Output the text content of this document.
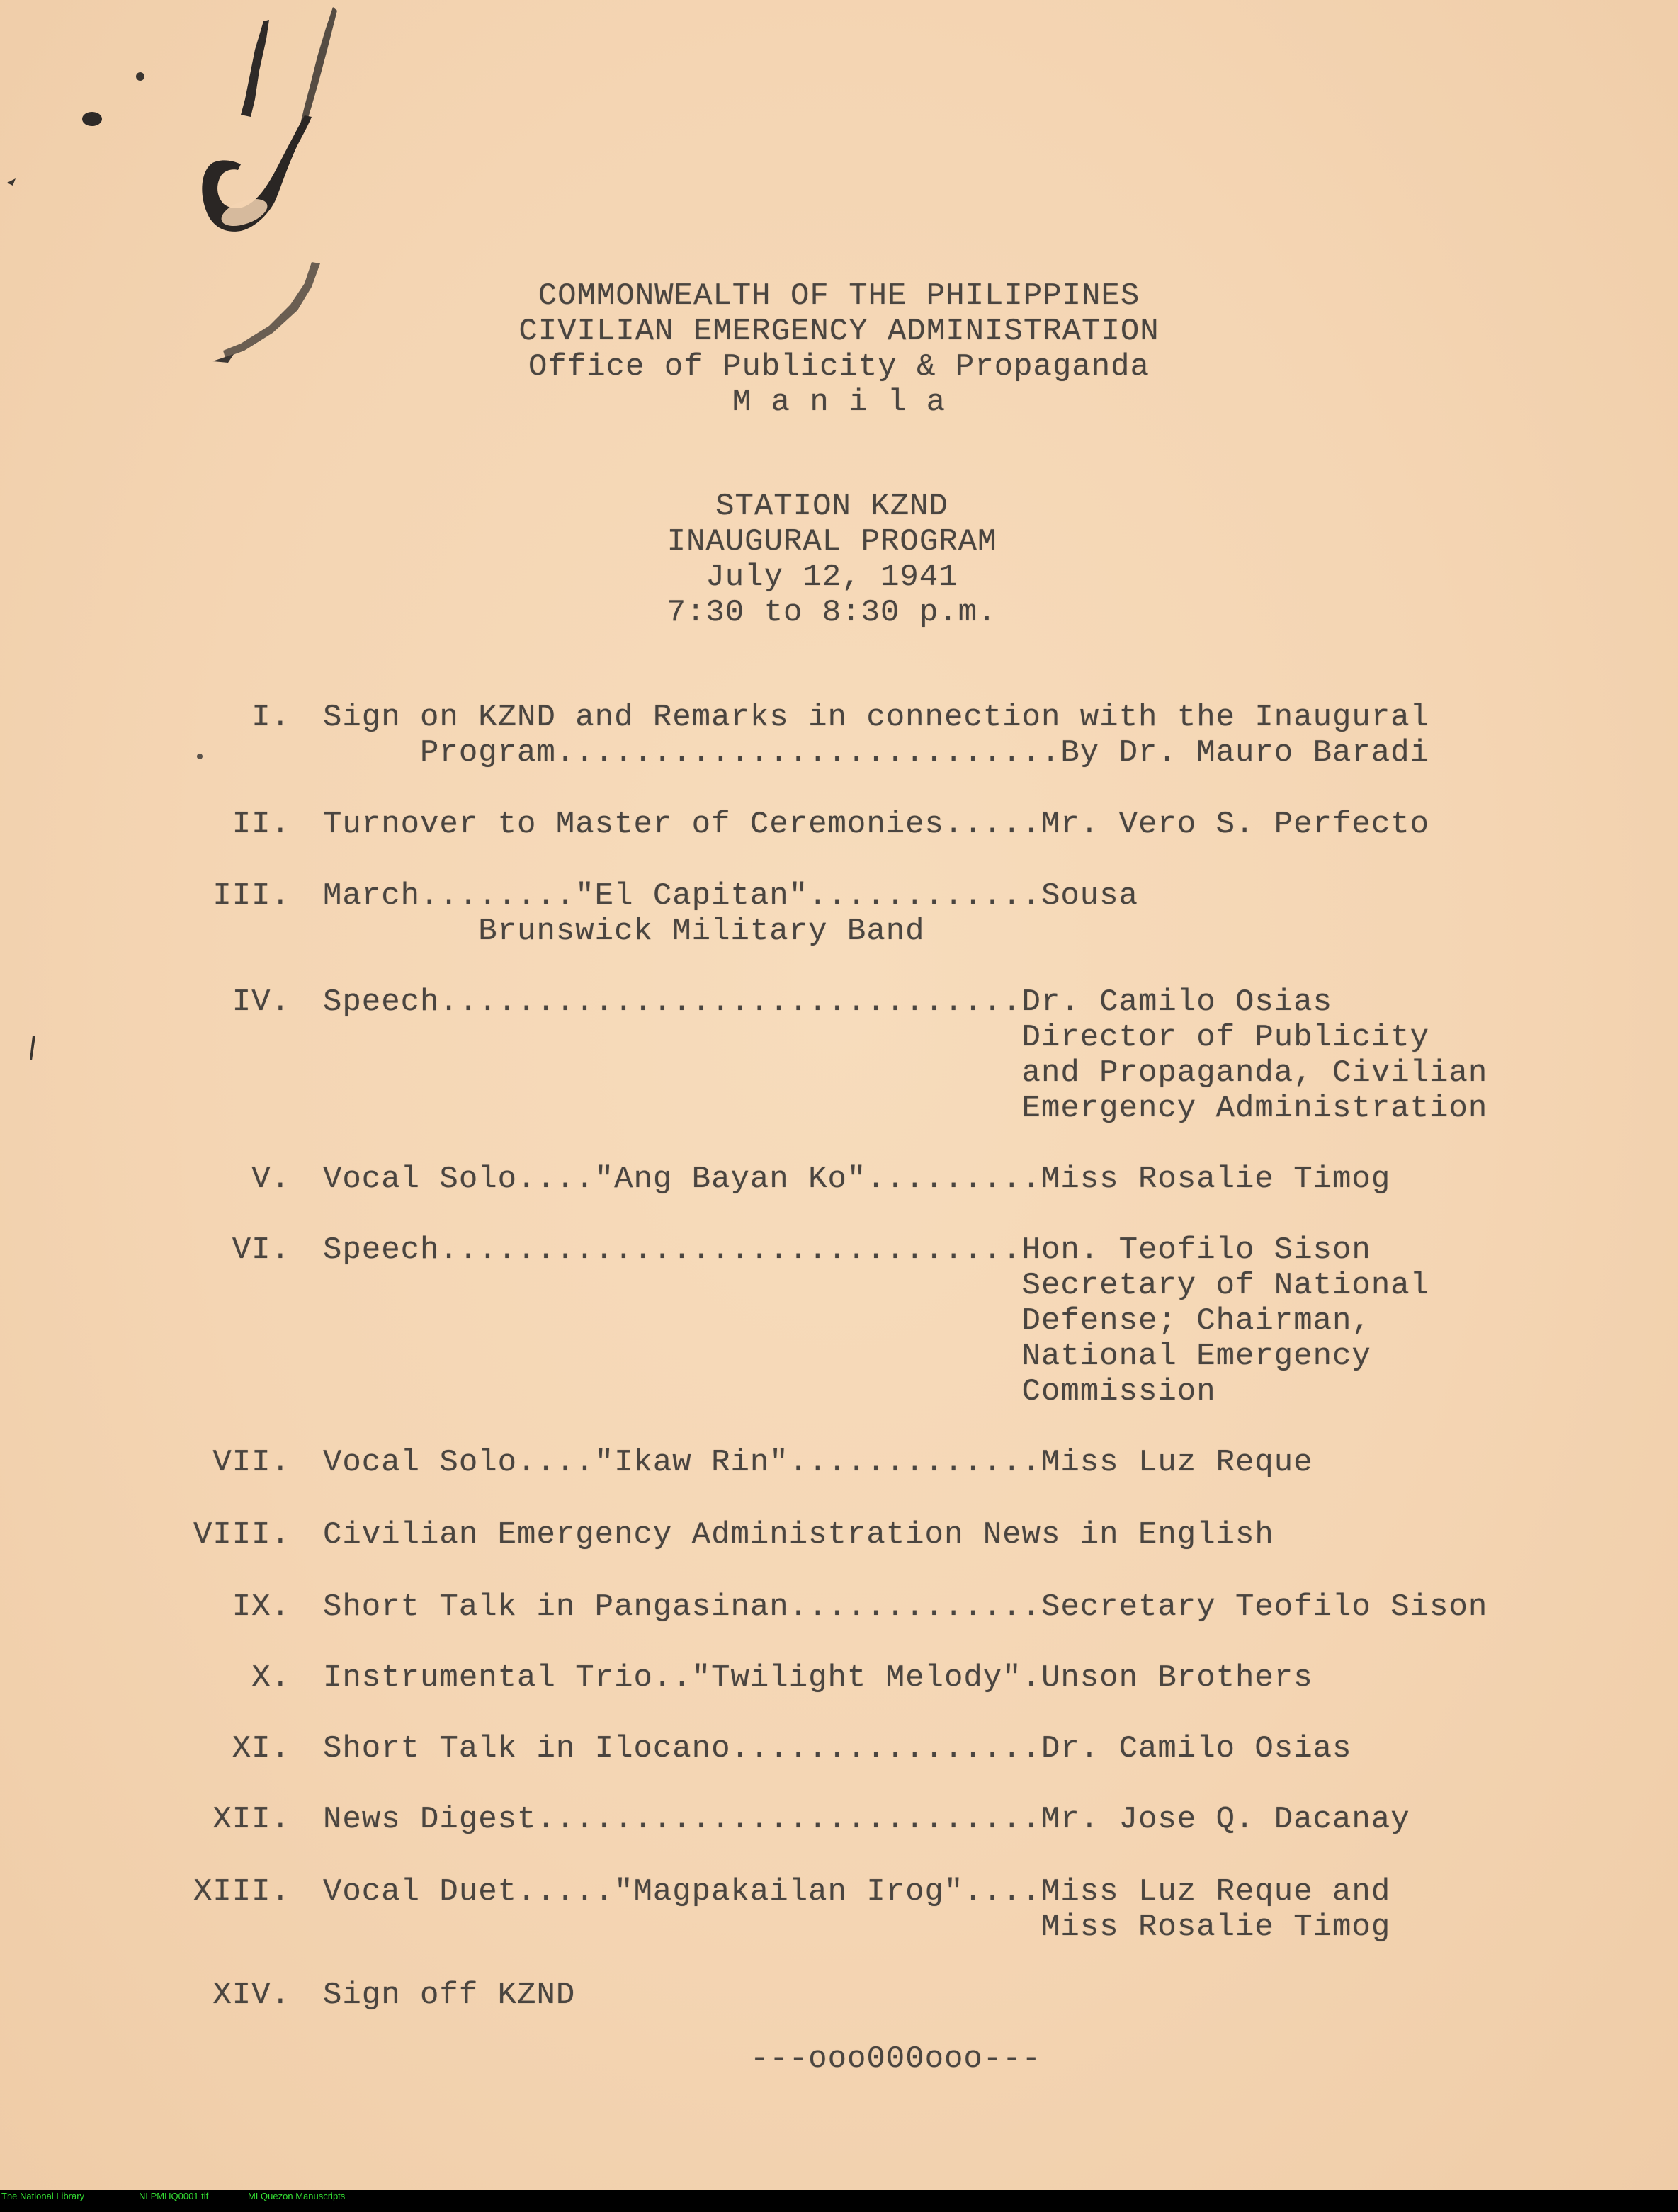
COMMONWEALTH OF THE PHILIPPINES
CIVILIAN EMERGENCY ADMINISTRATION
Office of Publicity & Propaganda
M a n i l a
STATION KZND
INAUGURAL PROGRAM
July 12, 1941
7:30 to 8:30 p.m.
I. Sign on KZND and Remarks in connection with the Inaugural
Program..........................By Dr. Mauro Baradi
II. Turnover to Master of Ceremonies.....Mr. Vero S. Perfecto
III. March........"El Capitan"............Sousa
Brunswick Military Band
IV. Speech..............................Dr. Camilo Osias
Director of Publicity
and Propaganda, Civilian
Emergency Administration
V. Vocal Solo...."Ang Bayan Ko".........Miss Rosalie Timog
VI. Speech..............................Hon. Teofilo Sison
Secretary of National
Defense; Chairman,
National Emergency
Commission
VII. Vocal Solo...."Ikaw Rin".............Miss Luz Reque
VIII. Civilian Emergency Administration News in English
IX. Short Talk in Pangasinan.............Secretary Teofilo Sison
X. Instrumental Trio.."Twilight Melody".Unson Brothers
XI. Short Talk in Ilocano................Dr. Camilo Osias
XII. News Digest..........................Mr. Jose Q. Dacanay
XIII. Vocal Duet....."Magpakailan Irog"....Miss Luz Reque and
Miss Rosalie Timog
XIV. Sign off KZND
---ooo000ooo---
The National Library	NLPMHQ0001 tif	MLQuezon Manuscripts
